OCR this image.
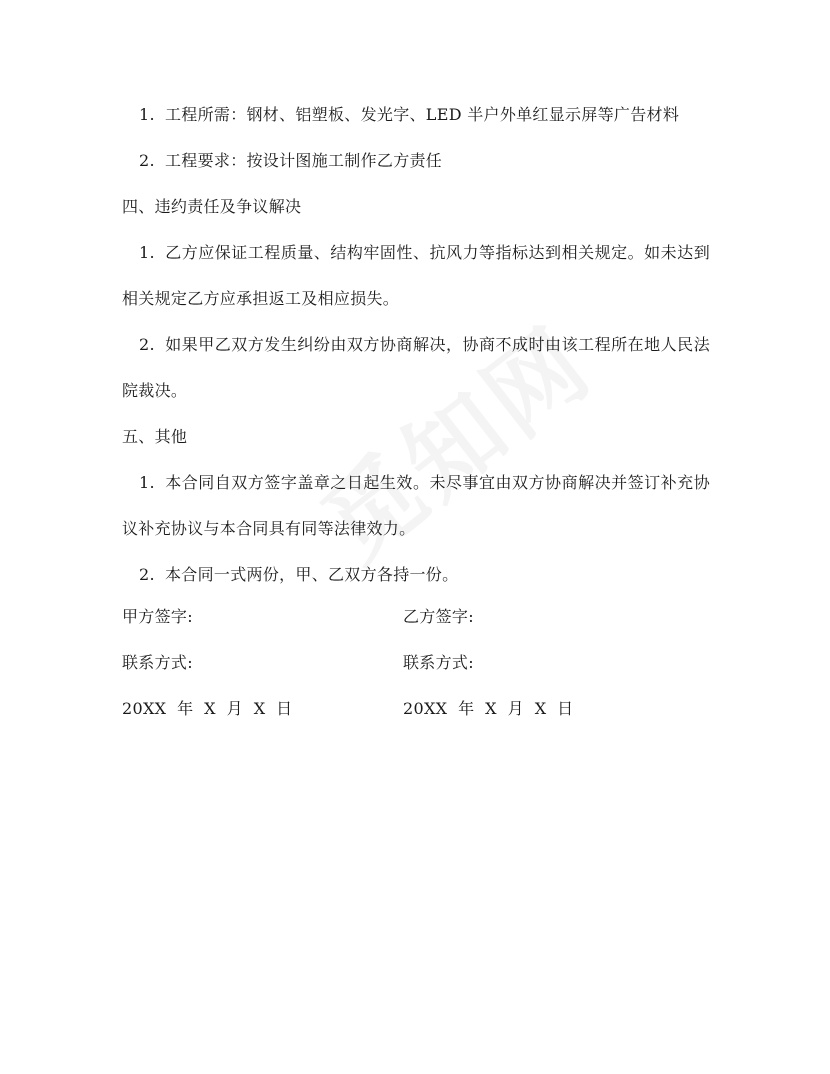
1. 工程所需：钢材、铝塑板、发光字、LED 半户外单红显示屏等广告材料
2. 工程要求：按设计图施工制作乙方责任
四、违约责任及争议解决
1. 乙方应保证工程质量、结构牢固性、抗风力等指标达到相关规定。如未达到
相关规定乙方应承担返工及相应损失。
2. 如果甲乙双方发生纠纷由双方协商解决，协商不成时由该工程所在地人民法
院裁决。
五、其他
1. 本合同自双方签字盖章之日起生效。未尽事宜由双方协商解决并签订补充协
议补充协议与本合同具有同等法律效力。
2. 本合同一式两份，甲、乙双方各持一份。
甲方签字:	乙方签字:
联系方式:	联系方式:
20XX  年  X  月  X  日	20XX  年  X  月  X  日
